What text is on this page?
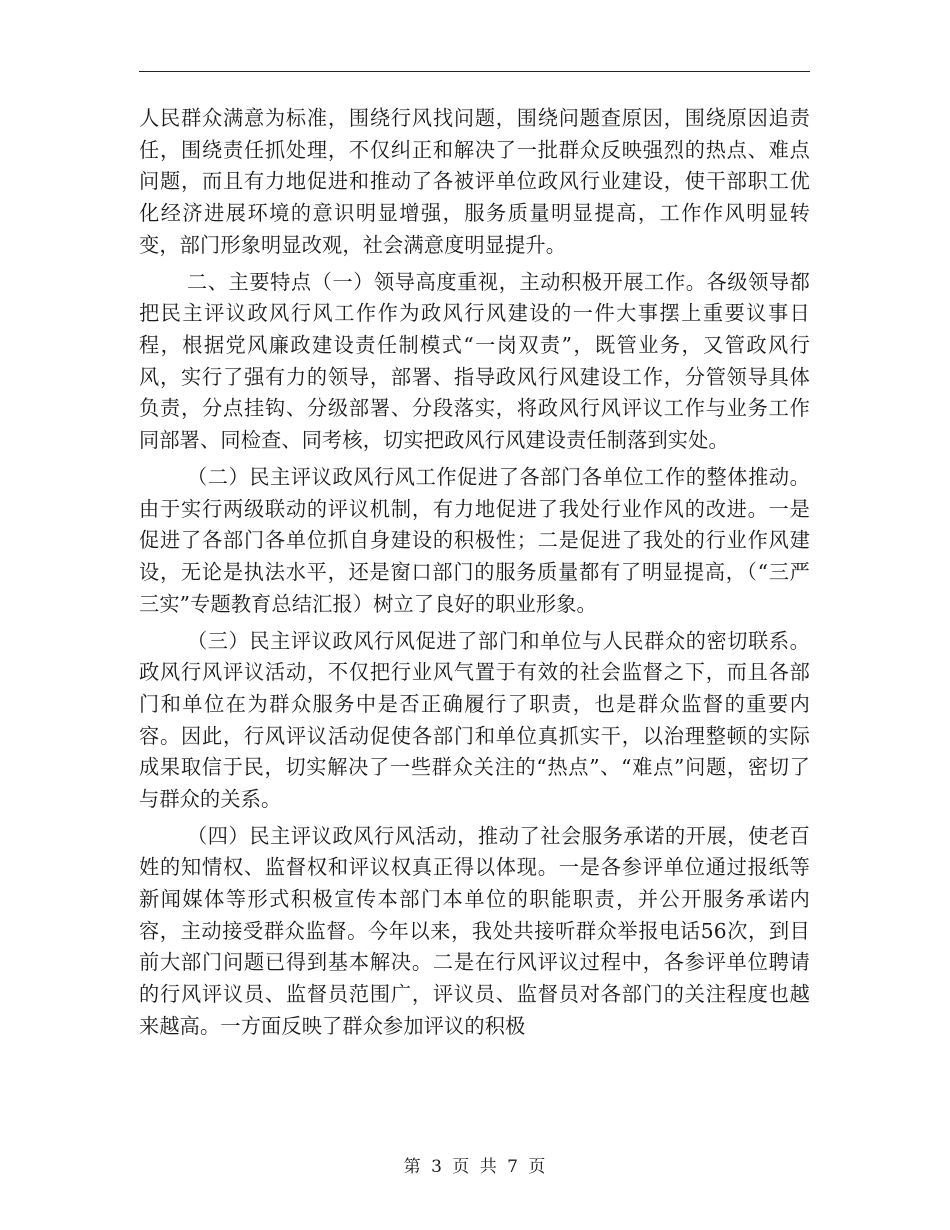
人民群众满意为标准，围绕行风找问题，围绕问题查原因，围绕原因追责任，围绕责任抓处理，不仅纠正和解决了一批群众反映强烈的热点、难点问题，而且有力地促进和推动了各被评单位政风行业建设，使干部职工优化经济进展环境的意识明显增强，服务质量明显提高，工作作风明显转变，部门形象明显改观，社会满意度明显提升。

二、主要特点（一）领导高度重视，主动积极开展工作。各级领导都把民主评议政风行风工作作为政风行风建设的一件大事摆上重要议事日程，根据党风廉政建设责任制模式“一岗双责”，既管业务，又管政风行风，实行了强有力的领导，部署、指导政风行风建设工作，分管领导具体负责，分点挂钩、分级部署、分段落实，将政风行风评议工作与业务工作同部署、同检查、同考核，切实把政风行风建设责任制落到实处。

（二）民主评议政风行风工作促进了各部门各单位工作的整体推动。由于实行两级联动的评议机制，有力地促进了我处行业作风的改进。一是促进了各部门各单位抓自身建设的积极性；二是促进了我处的行业作风建设，无论是执法水平，还是窗口部门的服务质量都有了明显提高，（“三严三实”专题教育总结汇报）树立了良好的职业形象。

（三）民主评议政风行风促进了部门和单位与人民群众的密切联系。政风行风评议活动，不仅把行业风气置于有效的社会监督之下，而且各部门和单位在为群众服务中是否正确履行了职责，也是群众监督的重要内容。因此，行风评议活动促使各部门和单位真抓实干，以治理整顿的实际成果取信于民，切实解决了一些群众关注的“热点”、“难点”问题，密切了与群众的关系。

（四）民主评议政风行风活动，推动了社会服务承诺的开展，使老百姓的知情权、监督权和评议权真正得以体现。一是各参评单位通过报纸等新闻媒体等形式积极宣传本部门本单位的职能职责，并公开服务承诺内容，主动接受群众监督。今年以来，我处共接听群众举报电话56次，到目前大部门问题已得到基本解决。二是在行风评议过程中，各参评单位聘请的行风评议员、监督员范围广，评议员、监督员对各部门的关注程度也越来越高。一方面反映了群众参加评议的积极

第 3 页 共 7 页
